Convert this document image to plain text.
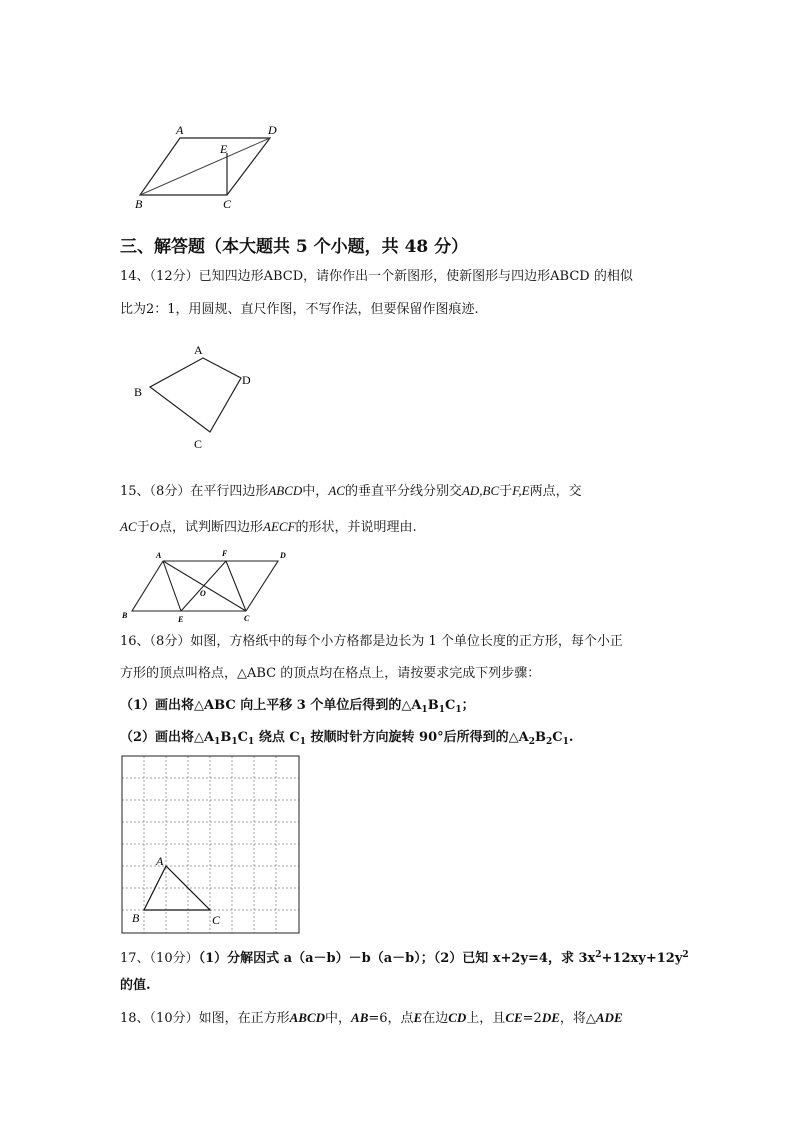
A	D
E
B	C
三、解答题（本大题共 5 个小题，共 48 分）
14、（12分）已知四边形ABCD，请你作出一个新图形，使新图形与四边形ABCD 的相似
比为2：1，用圆规、直尺作图，不写作法，但要保留作图痕迹.
A
B
C
D
15、（8分）在平行四边形ABCD中，AC的垂直平分线分别交AD,BC于F,E两点，交
AC于O点，试判断四边形AECF的形状，并说明理由.
A	F	D
O
B	E	C
16、（8分）如图，方格纸中的每个小方格都是边长为 1 个单位长度的正方形，每个小正
方形的顶点叫格点，△ABC 的顶点均在格点上，请按要求完成下列步骤：
（1）画出将△ABC 向上平移 3 个单位后得到的$\triangle A_1B_1C_1$；
（2）画出将$\triangle A_1B_1C_1$ 绕点 $C_1$ 按顺时针方向旋转 90°后所得到的$\triangle A_2B_2C_1$.
A
B	C
17、（10分）（1）分解因式 a（a－b）－b（a－b）；（2）已知 x+2y=4，求 $3x^2+12xy+12y^2$
的值.
18、（10分）如图，在正方形ABCD中，AB=6，点E在边CD上，且CE=2DE，将△ADE
